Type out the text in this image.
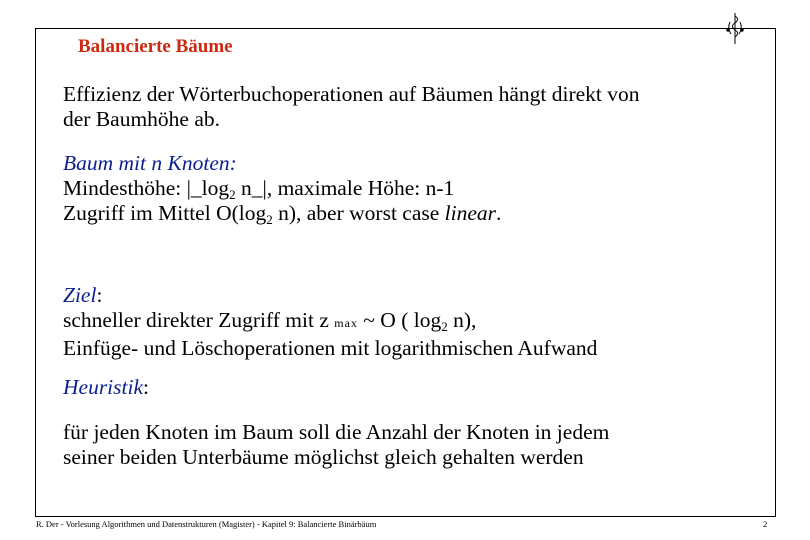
Balancierte Bäume
Effizienz der Wörterbuchoperationen auf Bäumen hängt direkt von
der Baumhöhe ab.
Baum mit n Knoten:
Mindesthöhe: $|\_\log_2$ n_|, maximale Höhe: n-1
Zugriff im Mittel $O(\log_2$ n), aber worst case linear.
Ziel:
schneller direkter Zugriff mit z max ~ O ( $\log_2 n$),
Einfüge- und Löschoperationen mit logarithmischen Aufwand
Heuristik:
für jeden Knoten im Baum soll die Anzahl der Knoten in jedem
seiner beiden Unterbäume möglichst gleich gehalten werden
R. Der - Vorlesung Algorithmen und Datenstrukturen (Magister) - Kapitel 9: Balancierte Binärbäum	2
